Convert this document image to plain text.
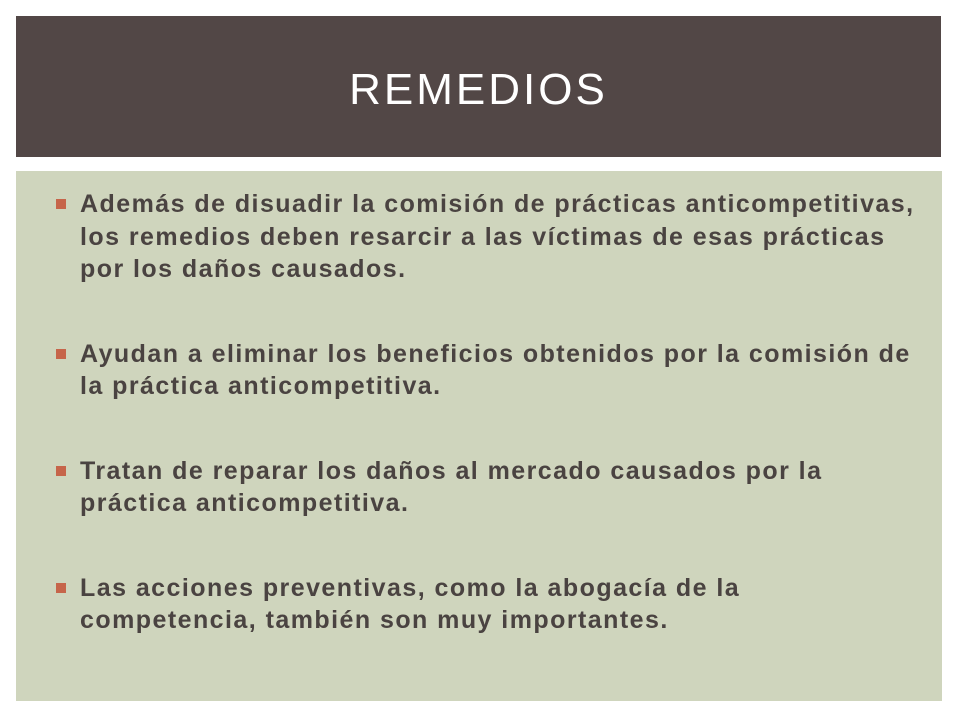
REMEDIOS
Además de disuadir la comisión de prácticas anticompetitivas, los remedios deben resarcir a las víctimas de esas prácticas por los daños causados.
Ayudan a eliminar los beneficios obtenidos por la comisión de la práctica anticompetitiva.
Tratan de reparar los daños al mercado causados por la práctica anticompetitiva.
Las acciones preventivas, como la abogacía de la competencia, también son muy importantes.
